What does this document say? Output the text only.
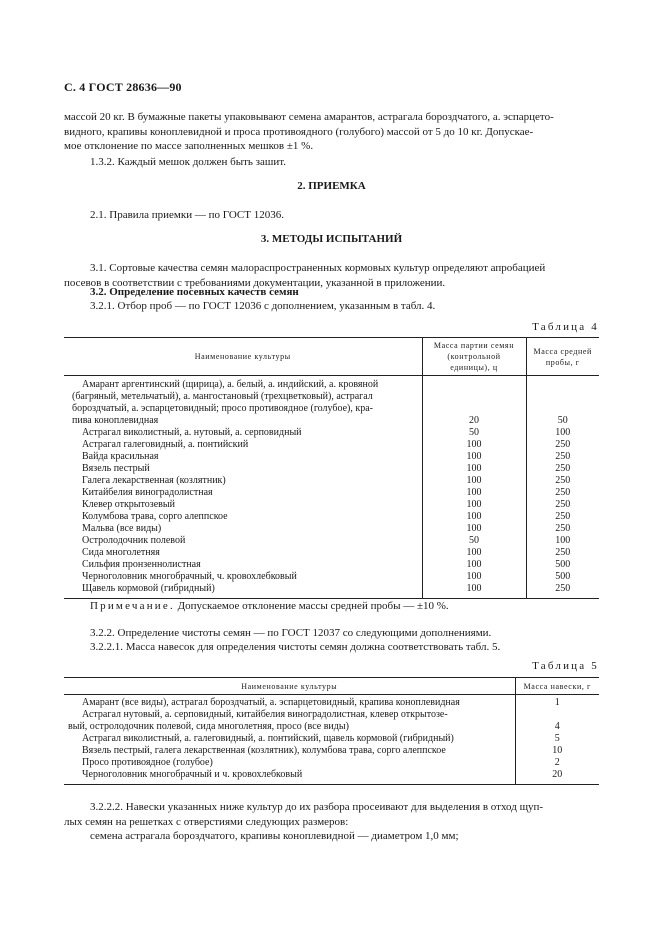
С. 4 ГОСТ 28636—90
массой 20 кг. В бумажные пакеты упаковывают семена амарантов, астрагала бороздчатого, а. эспарцето-
видного, крапивы коноплевидной и проса противоядного (голубого) массой от 5 до 10 кг. Допускае-
мое отклонение по массе заполненных мешков ±1 %.
1.3.2. Каждый мешок должен быть зашит.
2. ПРИЕМКА
2.1. Правила приемки — по ГОСТ 12036.
3. МЕТОДЫ ИСПЫТАНИЙ
3.1. Сортовые качества семян малораспространенных кормовых культур определяют апробацией
посевов в соответствии с требованиями документации, указанной в приложении.
3.2. Определение посевных качеств семян
3.2.1. Отбор проб — по ГОСТ 12036 с дополнением, указанным в табл. 4.
Таблица 4
Наименование культуры	Масса партии семян (контрольной единицы), ц	Масса средней пробы, г

Амарант аргентинский (щирица), а. белый, а. индийский, а. кровяной
(багряный, метельчатый), а. мангостановый (трехцветковый), астрагал
бороздчатый, а. эспарцетовидный; просо противоядное (голубое), кра-
пива коноплевидная	20	50
Астрагал виколистный, а. нутовый, а. серповидный	50	100
Астрагал галеговидный, а. понтийский	100	250
Вайда красильная	100	250
Вязель пестрый	100	250
Галега лекарственная (козлятник)	100	250
Китайбелия виноградолистная	100	250
Клевер открытозевый	100	250
Колумбова трава, сорго алеппское	100	250
Мальва (все виды)	100	250
Остролодочник полевой	50	100
Сида многолетняя	100	250
Сильфия пронзеннолистная	100	500
Черноголовник многобрачный, ч. кровохлебковый	100	500
Щавель кормовой (гибридный)	100	250
Примечание. Допускаемое отклонение массы средней пробы — ±10 %.
3.2.2. Определение чистоты семян — по ГОСТ 12037 со следующими дополнениями.
3.2.2.1. Масса навесок для определения чистоты семян должна соответствовать табл. 5.
Таблица 5
Наименование культуры	Масса навески, г
Амарант (все виды), астрагал бороздчатый, а. эспарцетовидный, крапива коноплевидная	1

Астрагал нутовый, а. серповидный, китайбелия виноградолистная, клевер открытозе-
вый, остролодочник полевой, сида многолетняя, просо (все виды)	4
Астрагал виколистный, а. галеговидный, а. понтийский, щавель кормовой (гибридный)	5
Вязель пестрый, галега лекарственная (козлятник), колумбова трава, сорго алеппское	10
Просо противоядное (голубое)	2
Черноголовник многобрачный и ч. кровохлебковый	20
3.2.2.2. Навески указанных ниже культур до их разбора просеивают для выделения в отход щуп-
лых семян на решетках с отверстиями следующих размеров:
семена астрагала бороздчатого, крапивы коноплевидной — диаметром 1,0 мм;
